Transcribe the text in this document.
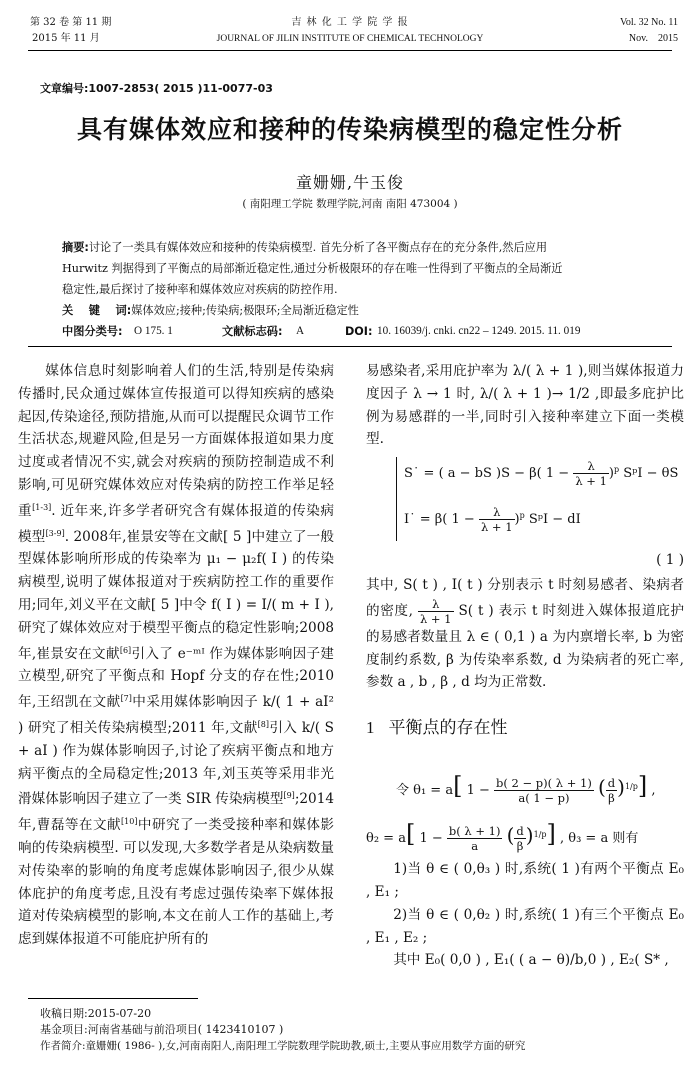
第 32 卷 第 11 期
2015 年 11 月
吉 林 化 工 学 院 学 报
JOURNAL OF JILIN INSTITUTE OF CHEMICAL TECHNOLOGY
Vol. 32 No. 11
Nov.    2015
文章编号:1007-2853( 2015 )11-0077-03
具有媒体效应和接种的传染病模型的稳定性分析
童姗姗,牛玉俊
( 南阳理工学院 数理学院,河南 南阳 473004 )
摘要:讨论了一类具有媒体效应和接种的传染病模型. 首先分析了各平衡点存在的充分条件,然后应用
Hurwitz 判据得到了平衡点的局部渐近稳定性,通过分析极限环的存在唯一性得到了平衡点的全局渐近
稳定性,最后探讨了接种率和媒体效应对疾病的防控作用.
关    键    词:媒体效应;接种;传染病;极限环;全局渐近稳定性
中图分类号: O 175. 1	文献标志码: A	DOI: 10. 16039/j. cnki. cn22 – 1249. 2015. 11. 019

媒体信息时刻影响着人们的生活,特别是传染病传播时,民众通过媒体宣传报道可以得知疾病的感染起因,传染途径,预防措施,从而可以提醒民众调节工作生活状态,规避风险,但是另一方面媒体报道如果力度过度或者情况不实,就会对疾病的预防控制造成不利影响,可见研究媒体效应对传染病的防控工作举足轻重[1-3]. 近年来,许多学者研究含有媒体报道的传染病模型[3-9]. 2008年,崔景安等在文献[ 5 ]中建立了一般型媒体影响所形成的传染率为 μ₁ − μ₂f( I ) 的传染病模型,说明了媒体报道对于疾病防控工作的重要作用;同年,刘义平在文献[ 5 ]中令 f( I ) = I/( m + I ),研究了媒体效应对于模型平衡点的稳定性影响;2008 年,崔景安在文献[6]引入了 e⁻ᵐᴵ 作为媒体影响因子建立模型,研究了平衡点和 Hopf 分支的存在性;2010 年,王绍凯在文献[7]中采用媒体影响因子 k/( 1 + aI² ) 研究了相关传染病模型;2011 年,文献[8]引入 k/( S + aI ) 作为媒体影响因子,讨论了疾病平衡点和地方病平衡点的全局稳定性;2013 年,刘玉英等采用非光滑媒体影响因子建立了一类 SIR 传染病模型[9];2014 年,曹磊等在文献[10]中研究了一类受接种率和媒体影响的传染病模型. 可以发现,大多数学者是从染病数量对传染率的影响的角度考虑媒体影响因子,很少从媒体庇护的角度考虑,且没有考虑过强传染率下媒体报道对传染病模型的影响,本文在前人工作的基础上,考虑到媒体报道不可能庇护所有的

易感染者,采用庇护率为 λ/( λ + 1 ),则当媒体报道力度因子 λ → 1 时, λ/( λ + 1 )→ 1/2 ,即最多庇护比例为易感群的一半,同时引入接种率建立下面一类模型.

S˙ = ( a − bS )S − β( $1 - \frac{\lambda}{\lambda + 1} )^p$ SᵖI − θS
I˙ = β( $1 - \frac{\lambda}{\lambda + 1} )^p$ SᵖI − dI
( 1 )

其中, S( t ) , I( t ) 分别表示 t 时刻易感者、染病者的密度, $\frac{\lambda}{\lambda + 1} S$( t ) 表示 t 时刻进入媒体报道庇护的易感者数量且 λ ∈ ( 0,1 ) a 为内禀增长率, b 为密度制约系数, β 为传染率系数, d 为染病者的死亡率,参数 a , b , β , d 均为正常数.

1 平衡点的存在性
令 θ₁ = a[ $1 - \frac{b( 2 - p)( \lambda + 1)}{a( 1 - p)}$ ( $\frac{d}{\beta} )^{1/p}$] ,
θ₂ = a[ $1 - \frac{b( \lambda + 1)}{a}$ ( $\frac{d}{\beta} )^{1/p}$] , θ₃ = a 则有

1)当 θ ∈ ( 0,θ₃ ) 时,系统( 1 )有两个平衡点 E₀ , E₁ ;

2)当 θ ∈ ( 0,θ₂ ) 时,系统( 1 )有三个平衡点 E₀ , E₁ , E₂ ;

其中 E₀( 0,0 ) , E₁( ( a − θ)/b,0 ) , E₂( S* ,

收稿日期:2015-07-20
基金项目:河南省基础与前沿项目( 1423410107 )
作者简介:童姗姗( 1986- ),女,河南南阳人,南阳理工学院数理学院助教,硕士,主要从事应用数学方面的研究
